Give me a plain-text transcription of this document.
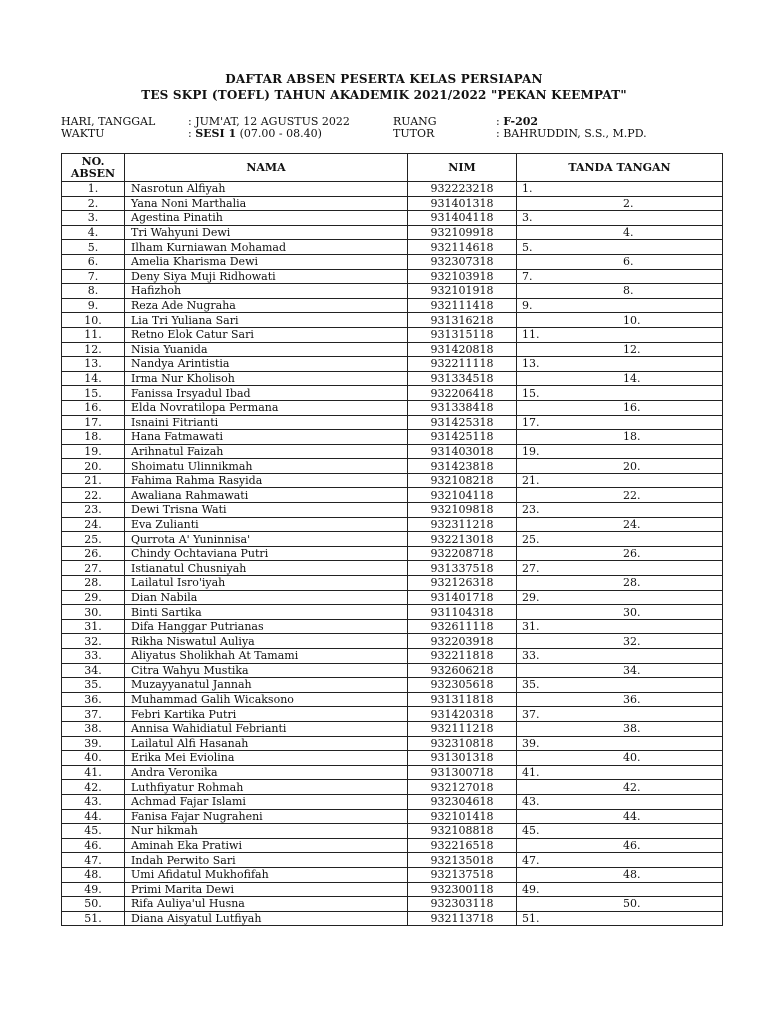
DAFTAR ABSEN PESERTA KELAS PERSIAPAN
TES SKPI (TOEFL) TAHUN AKADEMIK 2021/2022 "PEKAN KEEMPAT"
HARI, TANGGAL	: JUM'AT, 12 AGUSTUS 2022
WAKTU	: SESI 1 (07.00 - 08.40)
RUANG	: F-202
TUTOR	: BAHRUDDIN, S.S., M.PD.
NO.
ABSEN	NAMA	NIM	TANDA TANGAN
1.	Nasrotun Alfiyah	932223218	1.
2.	Yana Noni Marthalia	931401318	2.
3.	Agestina Pinatih	931404118	3.
4.	Tri Wahyuni Dewi	932109918	4.
5.	Ilham Kurniawan Mohamad	932114618	5.
6.	Amelia Kharisma Dewi	932307318	6.
7.	Deny Siya Muji Ridhowati	932103918	7.
8.	Hafizhoh	932101918	8.
9.	Reza Ade Nugraha	932111418	9.
10.	Lia Tri Yuliana Sari	931316218	10.
11.	Retno Elok Catur Sari	931315118	11.
12.	Nisia Yuanida	931420818	12.
13.	Nandya Arintistia	932211118	13.
14.	Irma Nur Kholisoh	931334518	14.
15.	Fanissa Irsyadul Ibad	932206418	15.
16.	Elda Novratilopa Permana	931338418	16.
17.	Isnaini Fitrianti	931425318	17.
18.	Hana Fatmawati	931425118	18.
19.	Arihnatul Faizah	931403018	19.
20.	Shoimatu Ulinnikmah	931423818	20.
21.	Fahima Rahma Rasyida	932108218	21.
22.	Awaliana Rahmawati	932104118	22.
23.	Dewi Trisna Wati	932109818	23.
24.	Eva Zulianti	932311218	24.
25.	Qurrota A' Yuninnisa'	932213018	25.
26.	Chindy Ochtaviana Putri	932208718	26.
27.	Istianatul Chusniyah	931337518	27.
28.	Lailatul Isro'iyah	932126318	28.
29.	Dian Nabila	931401718	29.
30.	Binti Sartika	931104318	30.
31.	Difa Hanggar Putrianas	932611118	31.
32.	Rikha Niswatul Auliya	932203918	32.
33.	Aliyatus Sholikhah At Tamami	932211818	33.
34.	Citra Wahyu Mustika	932606218	34.
35.	Muzayyanatul Jannah	932305618	35.
36.	Muhammad Galih Wicaksono	931311818	36.
37.	Febri Kartika Putri	931420318	37.
38.	Annisa Wahidiatul Febrianti	932111218	38.
39.	Lailatul Alfi Hasanah	932310818	39.
40.	Erika Mei Eviolina	931301318	40.
41.	Andra Veronika	931300718	41.
42.	Luthfiyatur Rohmah	932127018	42.
43.	Achmad Fajar Islami	932304618	43.
44.	Fanisa Fajar Nugraheni	932101418	44.
45.	Nur hikmah	932108818	45.
46.	Aminah Eka Pratiwi	932216518	46.
47.	Indah Perwito Sari	932135018	47.
48.	Umi Afidatul Mukhofifah	932137518	48.
49.	Primi Marita Dewi	932300118	49.
50.	Rifa Auliya'ul Husna	932303118	50.
51.	Diana Aisyatul Lutfiyah	932113718	51.
